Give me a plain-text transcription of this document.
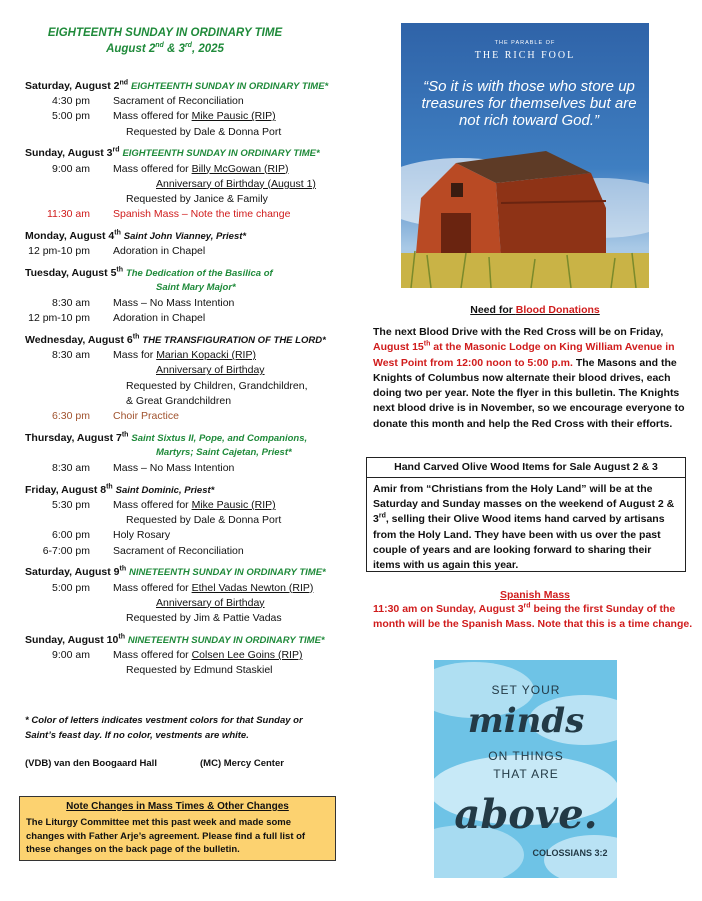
EIGHTEENTH SUNDAY IN ORDINARY TIME
August 2nd & 3rd, 2025
Saturday, August 2nd EIGHTEENTH SUNDAY IN ORDINARY TIME*
4:30 pm Sacrament of Reconciliation
5:00 pm Mass offered for Mike Pausic (RIP)
Requested by Dale & Donna Port
Sunday, August 3rd EIGHTEENTH SUNDAY IN ORDINARY TIME*
9:00 am Mass offered for Billy McGowan (RIP)
Anniversary of Birthday (August 1)
Requested by Janice & Family
11:30 am Spanish Mass – Note the time change
Monday, August 4th Saint John Vianney, Priest*
12 pm-10 pm Adoration in Chapel
Tuesday, August 5th The Dedication of the Basilica of
Saint Mary Major*
8:30 am Mass – No Mass Intention
12 pm-10 pm Adoration in Chapel
Wednesday, August 6th THE TRANSFIGURATION OF THE LORD*
8:30 am Mass for Marian Kopacki (RIP)
Anniversary of Birthday
Requested by Children, Grandchildren,
& Great Grandchildren
6:30 pm Choir Practice
Thursday, August 7th Saint Sixtus II, Pope, and Companions,
Martyrs; Saint Cajetan, Priest*
8:30 am Mass – No Mass Intention
Friday, August 8th Saint Dominic, Priest*
5:30 pm Mass offered for Mike Pausic (RIP)
Requested by Dale & Donna Port
6:00 pm Holy Rosary
6-7:00 pm Sacrament of Reconciliation
Saturday, August 9th NINETEENTH SUNDAY IN ORDINARY TIME*
5:00 pm Mass offered for Ethel Vadas Newton (RIP)
Anniversary of Birthday
Requested by Jim & Pattie Vadas
Sunday, August 10th NINETEENTH SUNDAY IN ORDINARY TIME*
9:00 am Mass offered for Colsen Lee Goins (RIP)
Requested by Edmund Staskiel
* Color of letters indicates vestment colors for that Sunday or Saint’s feast day. If no color, vestments are white.
(VDB) van den Boogaard Hall	(MC) Mercy Center
Note Changes in Mass Times & Other Changes
The Liturgy Committee met this past week and made some changes with Father Arje’s agreement. Please find a full list of these changes on the back page of the bulletin.
THE PARABLE OF
THE RICH FOOL
“So it is with those who store up treasures for themselves but are not rich toward God.”
Need for Blood Donations
The next Blood Drive with the Red Cross will be on Friday, August 15th at the Masonic Lodge on King William Avenue in West Point from 12:00 noon to 5:00 p.m. The Masons and the Knights of Columbus now alternate their blood drives, each doing two per year. Note the flyer in this bulletin. The Knights next blood drive is in November, so we encourage everyone to donate this month and help the Red Cross with their efforts.
Hand Carved Olive Wood Items for Sale August 2 & 3
Amir from “Christians from the Holy Land” will be at the Saturday and Sunday masses on the weekend of August 2 & 3rd, selling their Olive Wood items hand carved by artisans from the Holy Land. They have been with us over the past couple of years and are looking forward to sharing their items with us again this year.
Spanish Mass
11:30 am on Sunday, August 3rd being the first Sunday of the month will be the Spanish Mass. Note that this is a time change.
SET YOUR
minds
ON THINGS
THAT ARE
above.
COLOSSIANS 3:2
